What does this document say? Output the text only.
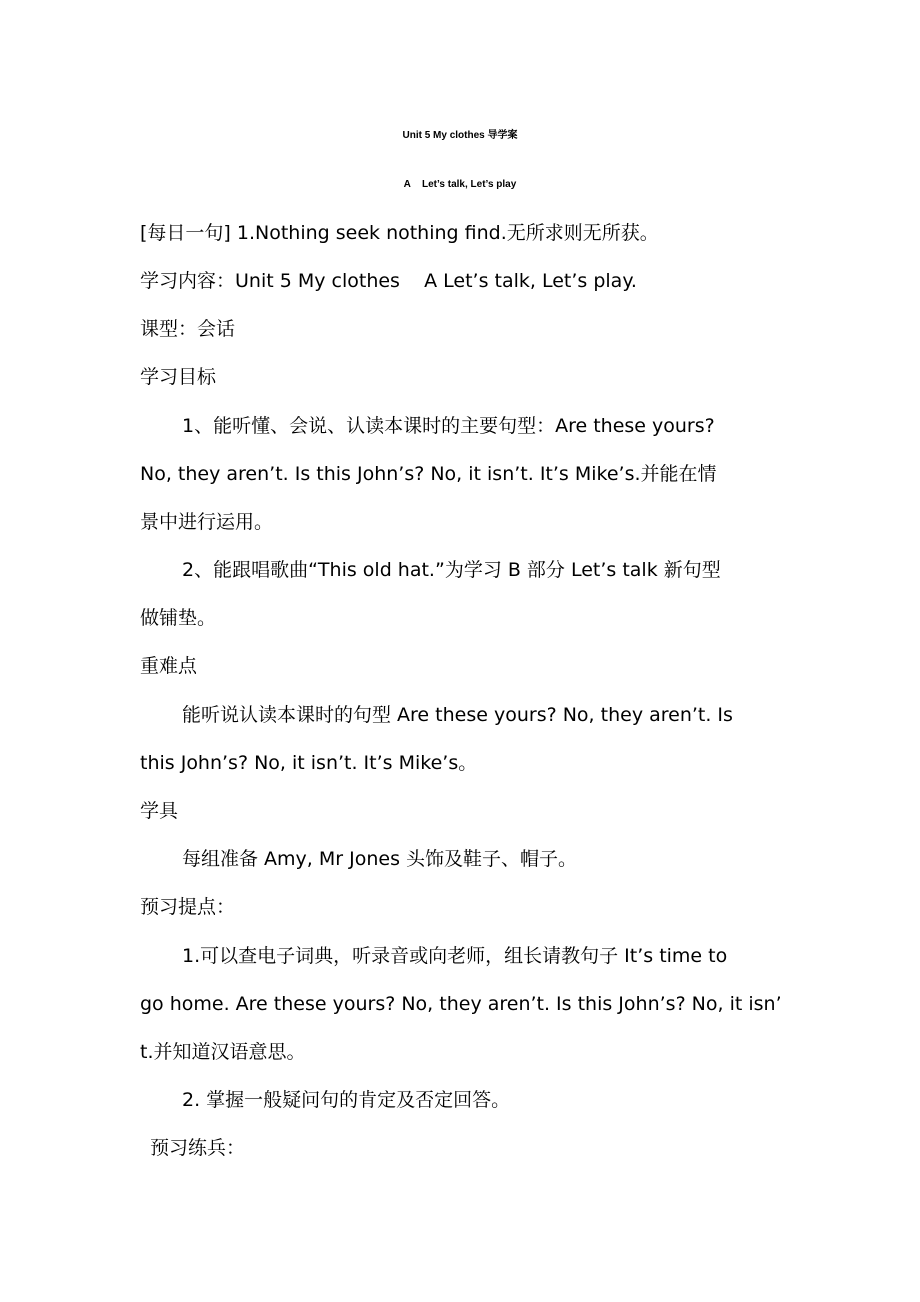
Unit 5 My clothes 导学案
A    Let’s talk, Let’s play
[每日一句] 1.Nothing seek nothing find.无所求则无所获。
学习内容：Unit 5 My clothes    A Let’s talk, Let’s play.
课型：会话
学习目标
1、能听懂、会说、认读本课时的主要句型：Are these yours?
No, they aren’t. Is this John’s? No, it isn’t. It’s Mike’s.并能在情
景中进行运用。
2、能跟唱歌曲“This old hat.”为学习 B 部分 Let’s talk 新句型
做铺垫。
重难点
能听说认读本课时的句型 Are these yours? No, they aren’t. Is
this John’s? No, it isn’t. It’s Mike’s。
学具
每组准备 Amy, Mr Jones 头饰及鞋子、帽子。
预习提点：
1.可以查电子词典，听录音或向老师，组长请教句子 It’s time to
go home. Are these yours? No, they aren’t. Is this John’s? No, it isn’
t.并知道汉语意思。
2. 掌握一般疑问句的肯定及否定回答。
预习练兵：
